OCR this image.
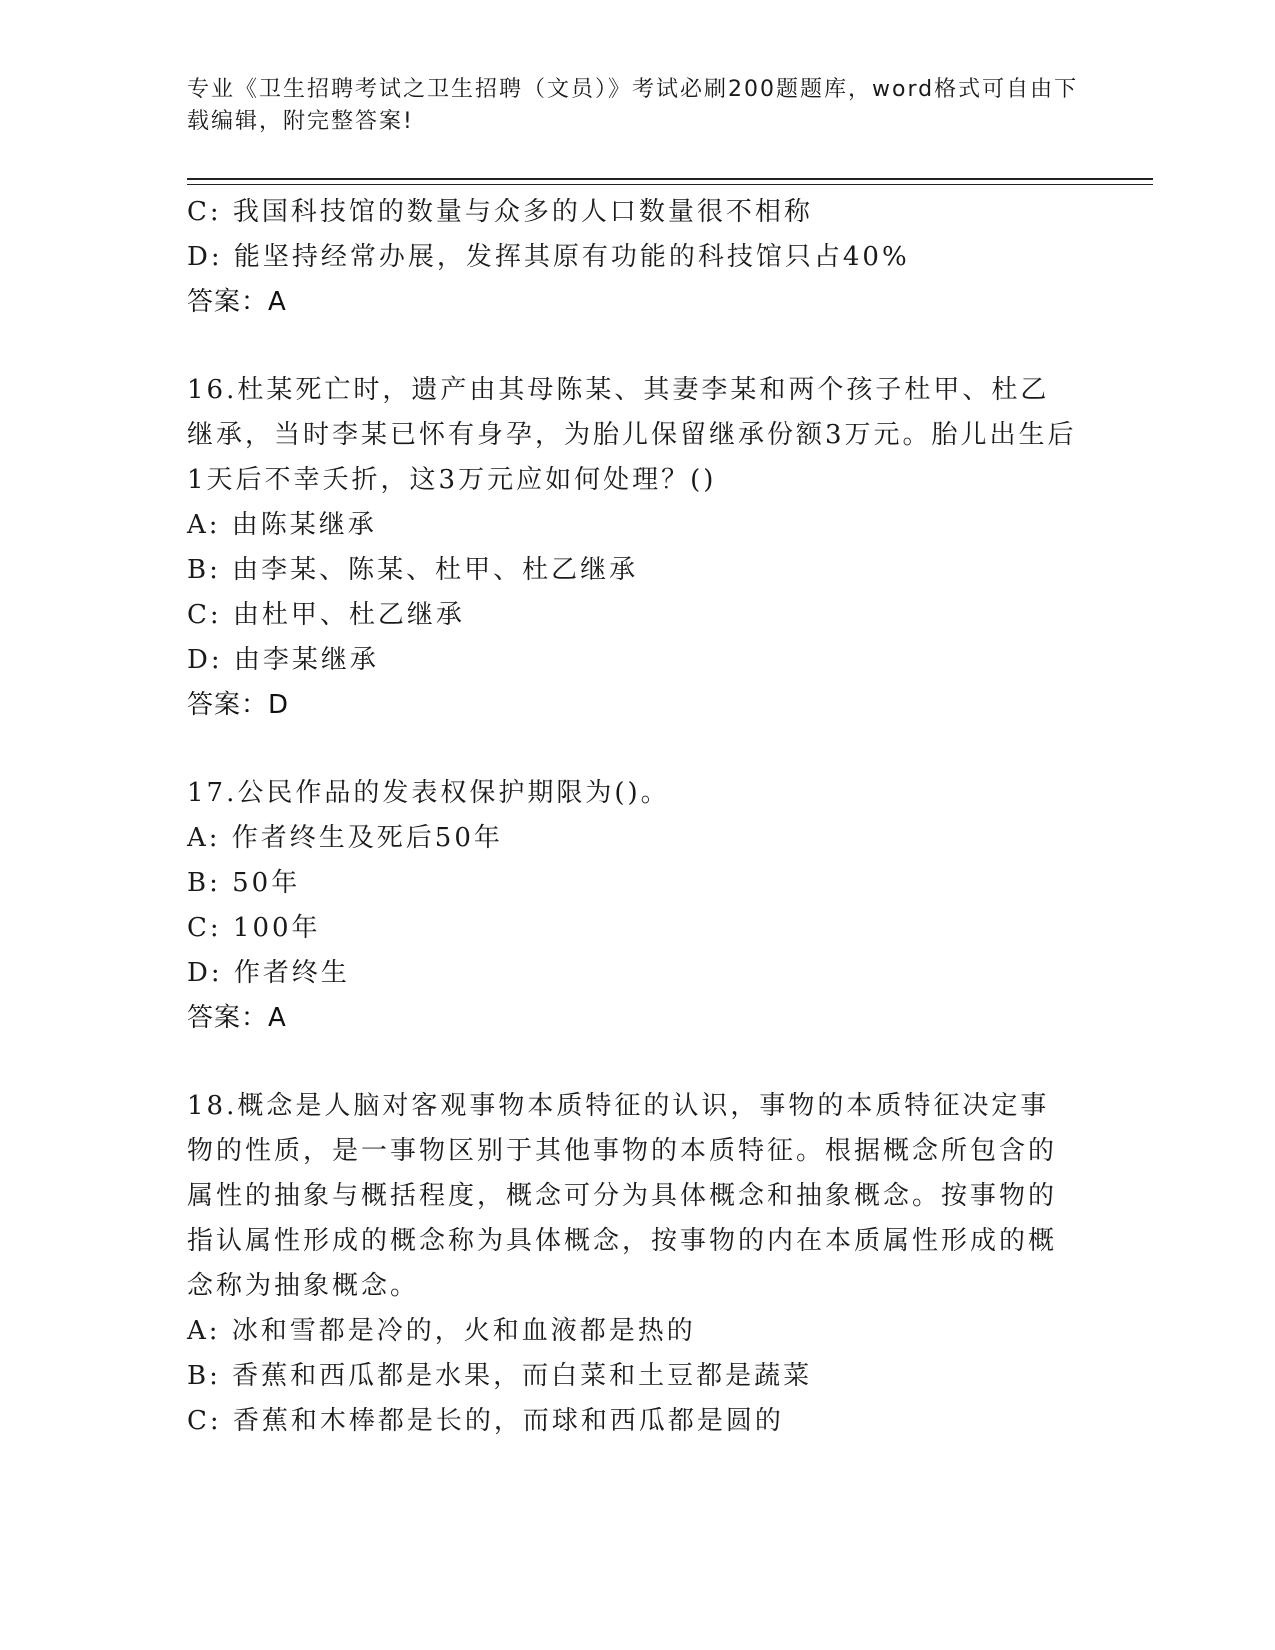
专业《卫生招聘考试之卫生招聘（文员）》考试必刷200题题库，word格式可自由下载编辑，附完整答案!
C: 我国科技馆的数量与众多的人口数量很不相称
D: 能坚持经常办展，发挥其原有功能的科技馆只占40%
答案：A
16.杜某死亡时，遗产由其母陈某、其妻李某和两个孩子杜甲、杜乙继承，当时李某已怀有身孕，为胎儿保留继承份额3万元。胎儿出生后1天后不幸夭折，这3万元应如何处理？()
A: 由陈某继承
B: 由李某、陈某、杜甲、杜乙继承
C: 由杜甲、杜乙继承
D: 由李某继承
答案：D
17.公民作品的发表权保护期限为()。
A: 作者终生及死后50年
B: 50年
C: 100年
D: 作者终生
答案：A
18.概念是人脑对客观事物本质特征的认识，事物的本质特征决定事物的性质，是一事物区别于其他事物的本质特征。根据概念所包含的属性的抽象与概括程度，概念可分为具体概念和抽象概念。按事物的指认属性形成的概念称为具体概念，按事物的内在本质属性形成的概念称为抽象概念。
A: 冰和雪都是冷的，火和血液都是热的
B: 香蕉和西瓜都是水果，而白菜和土豆都是蔬菜
C: 香蕉和木棒都是长的，而球和西瓜都是圆的
